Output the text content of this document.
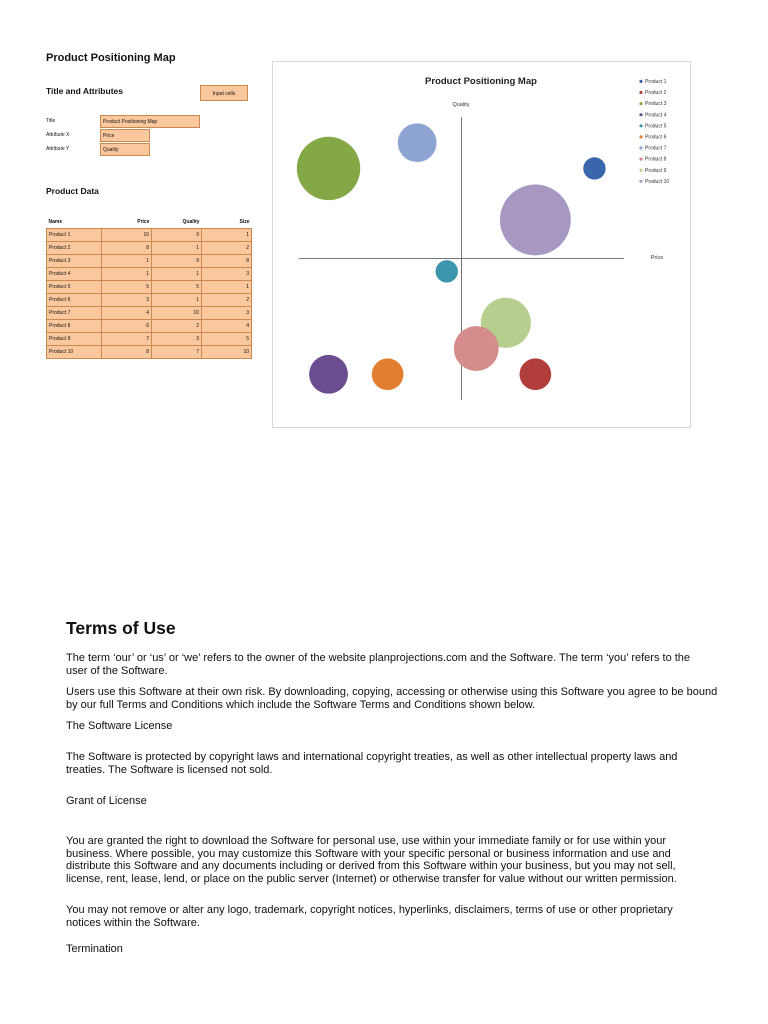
Product Positioning Map
Title and Attributes	Input cells
Title	Product Positioning Map
Attribute X	Price
Attribute Y	Quality
Product Data
Name	Price	Quality	Size
Product 1	10	9	1
Product 2	8	1	2
Product 3	1	9	8
Product 4	1	1	3
Product 5	5	5	1
Product 6	3	1	2
Product 7	4	10	3
Product 8	6	2	4
Product 9	7	3	5
Product 10	8	7	10
Product Positioning Map
Price
Quality
Product 1
Product 2
Product 3
Product 4
Product 5
Product 6
Product 7
Product 8
Product 9
Product 10
Terms of Use
The term ‘our’ or ‘us’ or ‘we’ refers to the owner of the website planprojections.com and the Software. The term ‘you’ refers to the
user of the Software.
Users use this Software at their own risk. By downloading, copying, accessing or otherwise using this Software you agree to be bound
by our full Terms and Conditions which include the Software Terms and Conditions shown below.
The Software License
The Software is protected by copyright laws and international copyright treaties, as well as other intellectual property laws and
treaties. The Software is licensed not sold.
Grant of License
You are granted the right to download the Software for personal use, use within your immediate family or for use within your
business. Where possible, you may customize this Software with your specific personal or business information and use and
distribute this Software and any documents including or derived from this Software within your business, but you may not sell,
license, rent, lease, lend, or place on the public server (Internet) or otherwise transfer for value without our written permission.
You may not remove or alter any logo, trademark, copyright notices, hyperlinks, disclaimers, terms of use or other proprietary
notices within the Software.
Termination
